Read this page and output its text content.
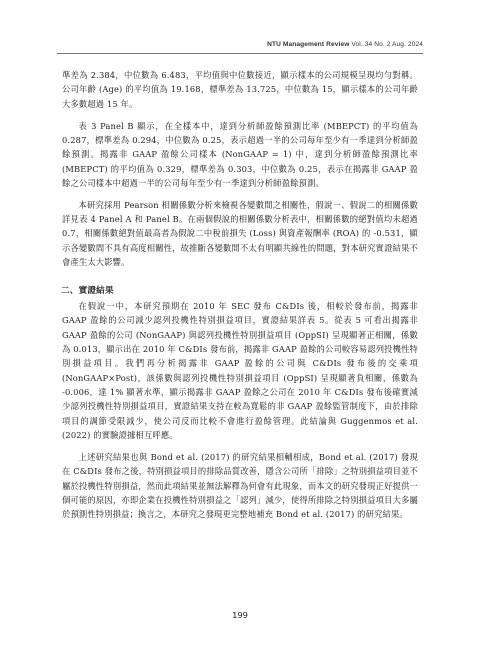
NTU Management Review Vol. 34 No. 2 Aug. 2024

準差為 2.384，中位數為 6.483，平均值與中位數接近，顯示樣本的公司規模呈現均勻對稱。公司年齡 (Age) 的平均值為 19.168，標準差為 13.725，中位數為 15，顯示樣本的公司年齡大多數超過 15 年。

表 3 Panel B 顯示，在全樣本中，達到分析師盈餘預測比率 (MBEPCT) 的平均值為 0.287，標準差為 0.294，中位數為 0.25，表示超過一半的公司每年至少有一季達到分析師盈餘預測。揭露非 GAAP 盈餘公司樣本 (NonGAAP = 1) 中，達到分析師盈餘預測比率 (MBEPCT) 的平均值為 0.329，標準差為 0.303，中位數為 0.25，表示在揭露非 GAAP 盈餘之公司樣本中超過一半的公司每年至少有一季達到分析師盈餘預測。

本研究採用 Pearson 相關係數分析來檢視各變數間之相關性，假說一、假說二的相關係數詳見表 4 Panel A 和 Panel B。在兩個假說的相關係數分析表中，相關係數的絕對值均未超過 0.7，相關係數絕對值最高者為假說二中稅前損失 (Loss) 與資產報酬率 (ROA) 的 -0.531，顯示各變數間不具有高度相關性，故推斷各變數間不太有明顯共線性的問題，對本研究實證結果不會產生太大影響。

二、實證結果

在假說一中，本研究預期在 2010 年 SEC 發布 C&DIs 後，相較於發布前，揭露非 GAAP 盈餘的公司減少認列投機性特別損益項目，實證結果詳表 5。從表 5 可看出揭露非 GAAP 盈餘的公司 (NonGAAP) 與認列投機性特別損益項目 (OppSI) 呈現顯著正相關，係數為 0.013，顯示出在 2010 年 C&DIs 發布前，揭露非 GAAP 盈餘的公司較容易認列投機性特別損益項目。我們再分析揭露非 GAAP 盈餘的公司與 C&DIs 發布後的交乘項 (NonGAAP×Post)，該係數與認列投機性特別損益項目 (OppSI) 呈現顯著負相關，係數為 -0.006，達 1% 顯著水準，顯示揭露非 GAAP 盈餘之公司在 2010 年 C&DIs 發布後確實減少認列投機性特別損益項目，實證結果支持在較為寬鬆的非 GAAP 盈餘監管制度下，由於排除項目的調節受限減少，使公司反而比較不會進行盈餘管理。此結論與 Guggenmos et al. (2022) 的實驗證據相互呼應。

上述研究結果也與 Bond et al. (2017) 的研究結果相輔相成，Bond et al. (2017) 發現在 C&DIs 發布之後，特別損益項目的排除品質改善，隱含公司所「排除」之特別損益項目並不屬於投機性特別損益，然而此項結果並無法解釋為何會有此現象，而本文的研究發現正好提供一個可能的原因，亦即企業在投機性特別損益之「認列」減少，使得所排除之特別損益項目大多屬於預測性特別損益；換言之，本研究之發現更完整地補充 Bond et al. (2017) 的研究結果。

199
